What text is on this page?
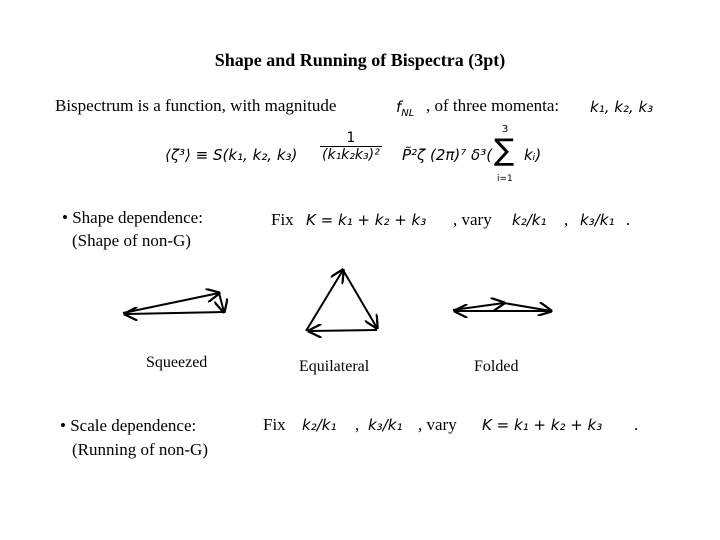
Shape and Running of Bispectra (3pt)
Bispectrum is a function, with magnitude	$f_{NL}$ , of three momenta: k₁, k₂, k₃
⟨ζ³⟩ ≡ S(k₁, k₂, $k_3) \frac{1}{\text{(k₁k₂k₃)²}}$ P̃²ζ (2π)⁷ δ³(
3
∑
i=1
kᵢ)
• Shape dependence:
(Shape of non-G)
Fix K = k₁ + k₂ + k₃ , vary k₂/k₁ , k₃/k₁ .
Squeezed	Equilateral	Folded
• Scale dependence:
(Running of non-G)
Fix k₂/k₁ , k₃/k₁ , vary K = k₁ + k₂ + k₃ .
